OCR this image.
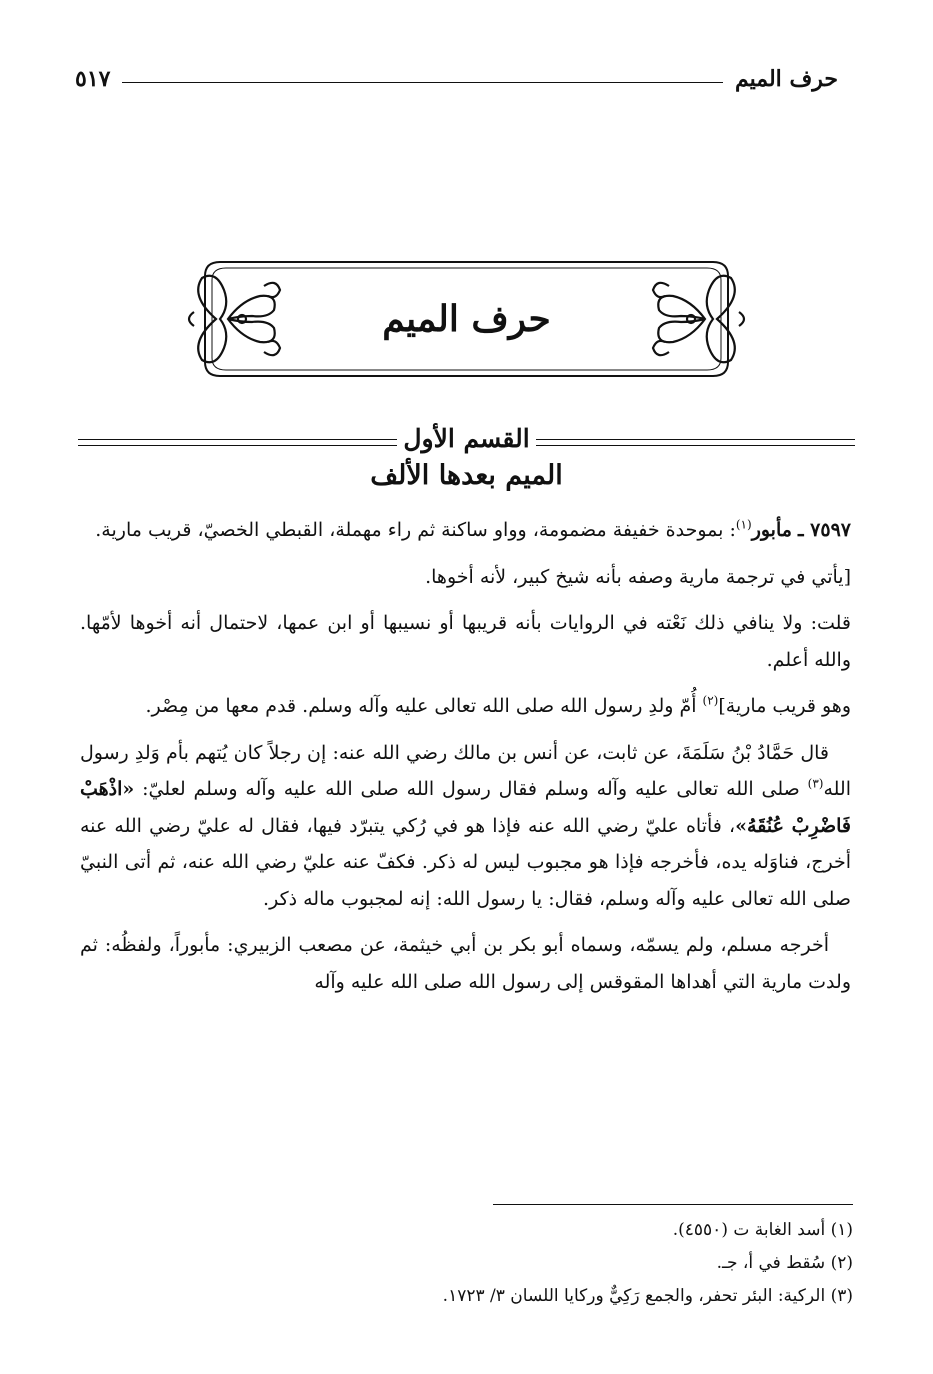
حرف الميم
٥١٧
حرف الميم
القسم الأول
الميم بعدها الألف

٧٥٩٧ ـ مأبور$^{(١)}$: بموحدة خفيفة مضمومة، وواو ساكنة ثم راء مهملة، القبطي الخصيّ، قريب مارية.

[يأتي في ترجمة مارية وصفه بأنه شيخ كبير، لأنه أخوها.

قلت: ولا ينافي ذلك نَعْته في الروايات بأنه قريبها أو نسيبها أو ابن عمها، لاحتمال أنه أخوها لأمّها. والله أعلم.

وهو قريب مارية]$^{(٢)}$ أُمّ ولدِ رسول الله صلى الله تعالى عليه وآله وسلم. قدم معها من مِصْر.

قال حَمَّادُ بْنُ سَلَمَةَ، عن ثابت، عن أنس بن مالك رضي الله عنه: إن رجلاً كان يُتهم بأم وَلدِ رسول الله$^{(٣)}$ صلى الله تعالى عليه وآله وسلم فقال رسول الله صلى الله عليه وآله وسلم لعليّ: «اذْهَبْ فَاضْرِبْ عُنُقَهُ»، فأتاه عليّ رضي الله عنه فإذا هو في رُكي يتبرّد فيها، فقال له عليّ رضي الله عنه أخرج، فناوَله يده، فأخرجه فإذا هو مجبوب ليس له ذكر. فكفّ عنه عليّ رضي الله عنه، ثم أتى النبيّ صلى الله تعالى عليه وآله وسلم، فقال: يا رسول الله: إنه لمجبوب ماله ذكر.

أخرجه مسلم، ولم يسمّه، وسماه أبو بكر بن أبي خيثمة، عن مصعب الزبيري: مأبوراً، ولفظُه: ثم ولدت مارية التي أهداها المقوقس إلى رسول الله صلى الله عليه وآله

(١) أسد الغابة ت (٤٥٥٠).
(٢) سُقط في أ، جـ.
(٣) الركية: البئر تحفر، والجمع رَكِيٌّ وركايا اللسان ٣/ ١٧٢٣.
